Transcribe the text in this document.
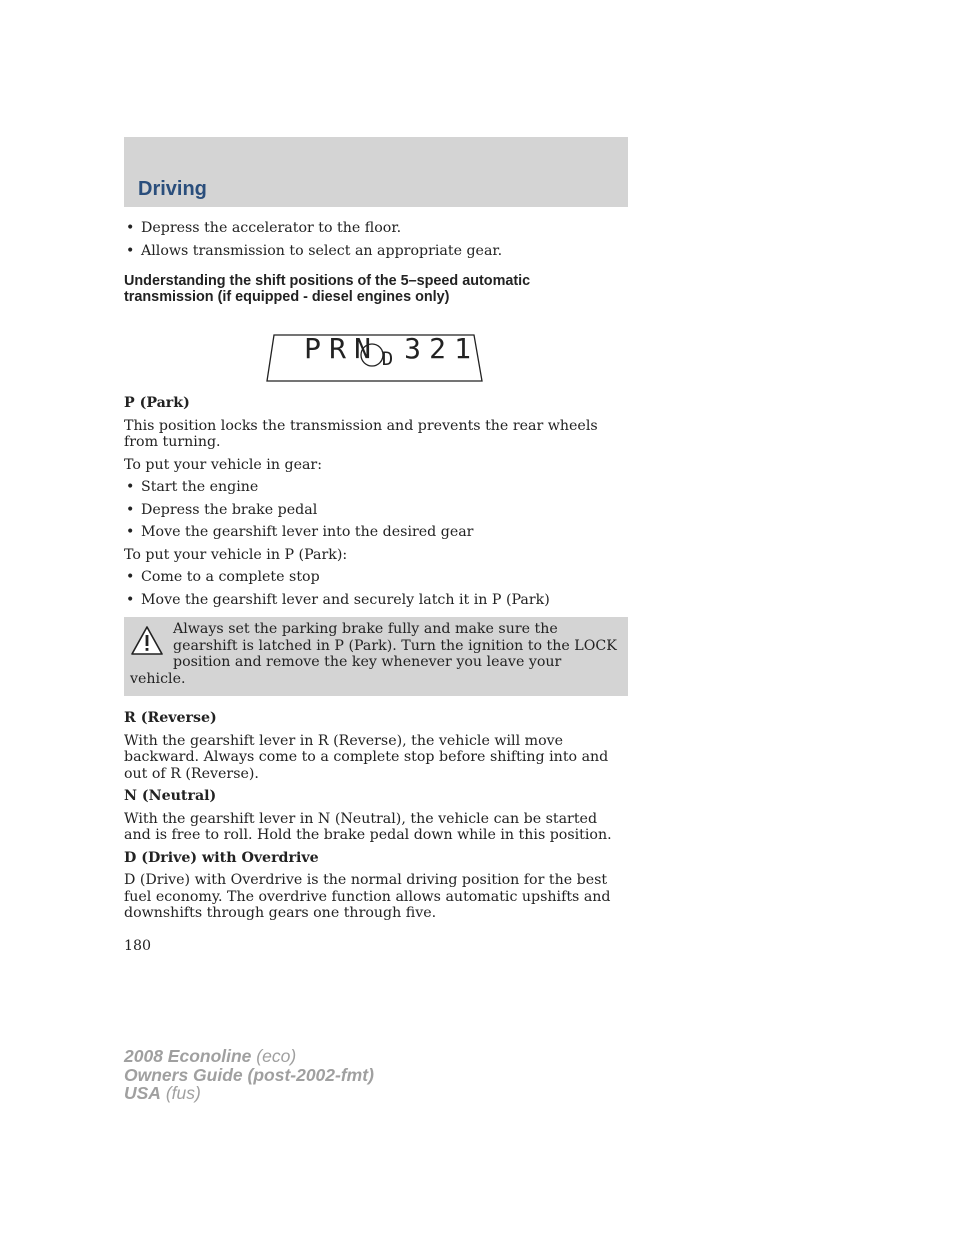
Driving
• Depress the accelerator to the floor.
• Allows transmission to select an appropriate gear.
Understanding the shift positions of the 5–speed automatic
transmission (if equipped - diesel engines only)
P R N D 3 2 1
P (Park)

This position locks the transmission and prevents the rear wheels from turning.

To put your vehicle in gear:

• Start the engine
• Depress the brake pedal
• Move the gearshift lever into the desired gear

To put your vehicle in P (Park):

• Come to a complete stop
• Move the gearshift lever and securely latch it in P (Park)
Always set the parking brake fully and make sure the gearshift is latched in P (Park). Turn the ignition to the LOCK position and remove the key whenever you leave your vehicle.
R (Reverse)

With the gearshift lever in R (Reverse), the vehicle will move backward. Always come to a complete stop before shifting into and out of R (Reverse).

N (Neutral)

With the gearshift lever in N (Neutral), the vehicle can be started and is free to roll. Hold the brake pedal down while in this position.

D (Drive) with Overdrive

D (Drive) with Overdrive is the normal driving position for the best fuel economy. The overdrive function allows automatic upshifts and downshifts through gears one through five.

180
2008 Econoline (eco)
Owners Guide (post-2002-fmt)
USA (fus)
